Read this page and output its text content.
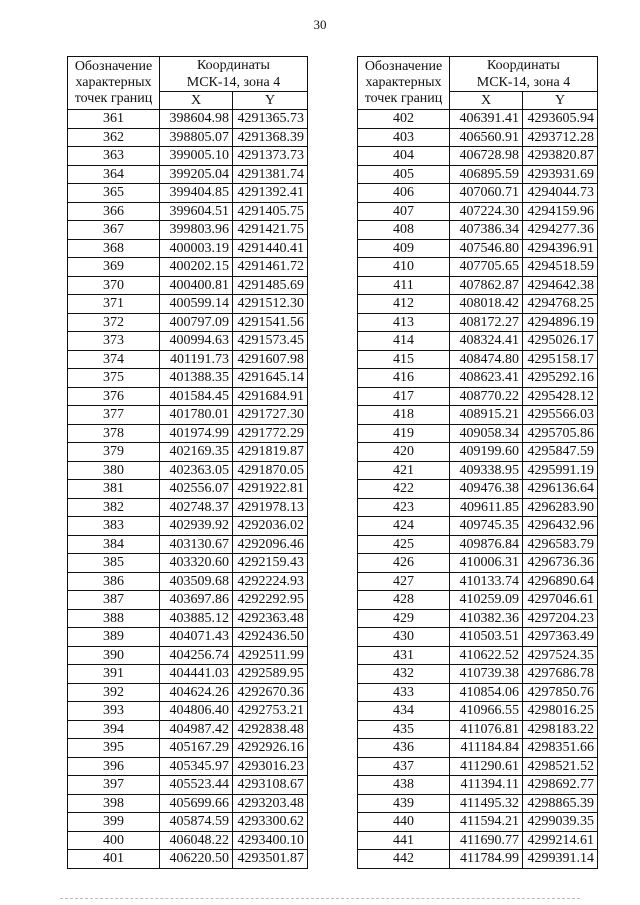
30
Обозначение
характерных
точек границ	Координаты	
	МСК-14, зона 4	
	X	Y
361	398604.98	4291365.73
362	398805.07	4291368.39
363	399005.10	4291373.73
364	399205.04	4291381.74
365	399404.85	4291392.41
366	399604.51	4291405.75
367	399803.96	4291421.75
368	400003.19	4291440.41
369	400202.15	4291461.72
370	400400.81	4291485.69
371	400599.14	4291512.30
372	400797.09	4291541.56
373	400994.63	4291573.45
374	401191.73	4291607.98
375	401388.35	4291645.14
376	401584.45	4291684.91
377	401780.01	4291727.30
378	401974.99	4291772.29
379	402169.35	4291819.87
380	402363.05	4291870.05
381	402556.07	4291922.81
382	402748.37	4291978.13
383	402939.92	4292036.02
384	403130.67	4292096.46
385	403320.60	4292159.43
386	403509.68	4292224.93
387	403697.86	4292292.95
388	403885.12	4292363.48
389	404071.43	4292436.50
390	404256.74	4292511.99
391	404441.03	4292589.95
392	404624.26	4292670.36
393	404806.40	4292753.21
394	404987.42	4292838.48
395	405167.29	4292926.16
396	405345.97	4293016.23
397	405523.44	4293108.67
398	405699.66	4293203.48
399	405874.59	4293300.62
400	406048.22	4293400.10
401	406220.50	4293501.87
Обозначение
характерных
точек границ	Координаты	
	МСК-14, зона 4	
	X	Y
402	406391.41	4293605.94
403	406560.91	4293712.28
404	406728.98	4293820.87
405	406895.59	4293931.69
406	407060.71	4294044.73
407	407224.30	4294159.96
408	407386.34	4294277.36
409	407546.80	4294396.91
410	407705.65	4294518.59
411	407862.87	4294642.38
412	408018.42	4294768.25
413	408172.27	4294896.19
414	408324.41	4295026.17
415	408474.80	4295158.17
416	408623.41	4295292.16
417	408770.22	4295428.12
418	408915.21	4295566.03
419	409058.34	4295705.86
420	409199.60	4295847.59
421	409338.95	4295991.19
422	409476.38	4296136.64
423	409611.85	4296283.90
424	409745.35	4296432.96
425	409876.84	4296583.79
426	410006.31	4296736.36
427	410133.74	4296890.64
428	410259.09	4297046.61
429	410382.36	4297204.23
430	410503.51	4297363.49
431	410622.52	4297524.35
432	410739.38	4297686.78
433	410854.06	4297850.76
434	410966.55	4298016.25
435	411076.81	4298183.22
436	411184.84	4298351.66
437	411290.61	4298521.52
438	411394.11	4298692.77
439	411495.32	4298865.39
440	411594.21	4299039.35
441	411690.77	4299214.61
442	411784.99	4299391.14
